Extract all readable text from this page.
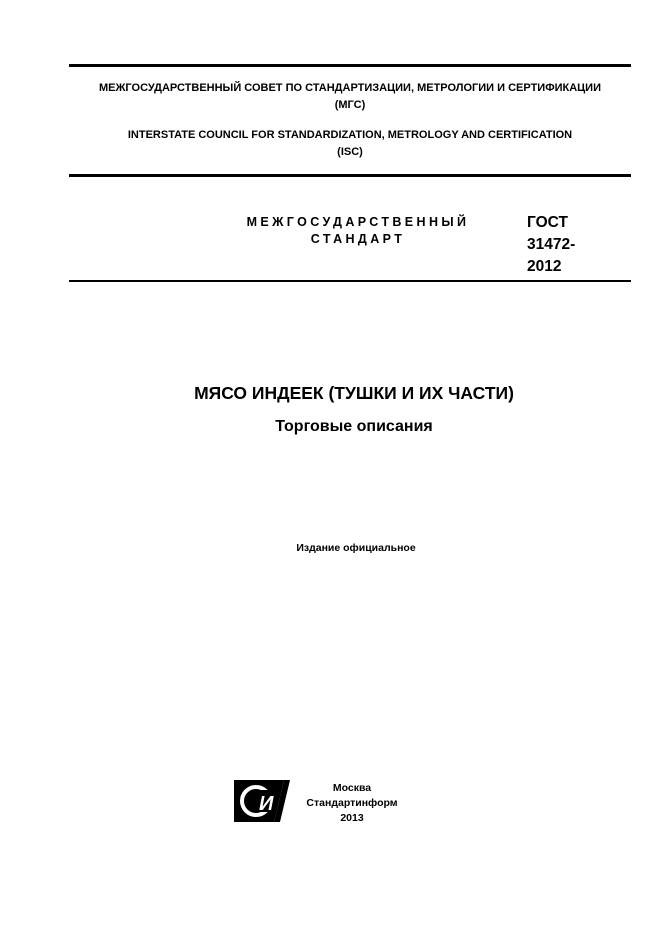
МЕЖГОСУДАРСТВЕННЫЙ СОВЕТ ПО СТАНДАРТИЗАЦИИ, МЕТРОЛОГИИ И СЕРТИФИКАЦИИ
(МГС)
INTERSTATE COUNCIL FOR STANDARDIZATION, METROLOGY AND CERTIFICATION
(ISC)
МЕЖГОСУДАРСТВЕННЫЙ
СТАНДАРТ
ГОСТ
31472-
2012
МЯСО ИНДЕЕК (ТУШКИ И ИХ ЧАСТИ)
Торговые описания
Издание официальное
И
Москва
Стандартинформ
2013
